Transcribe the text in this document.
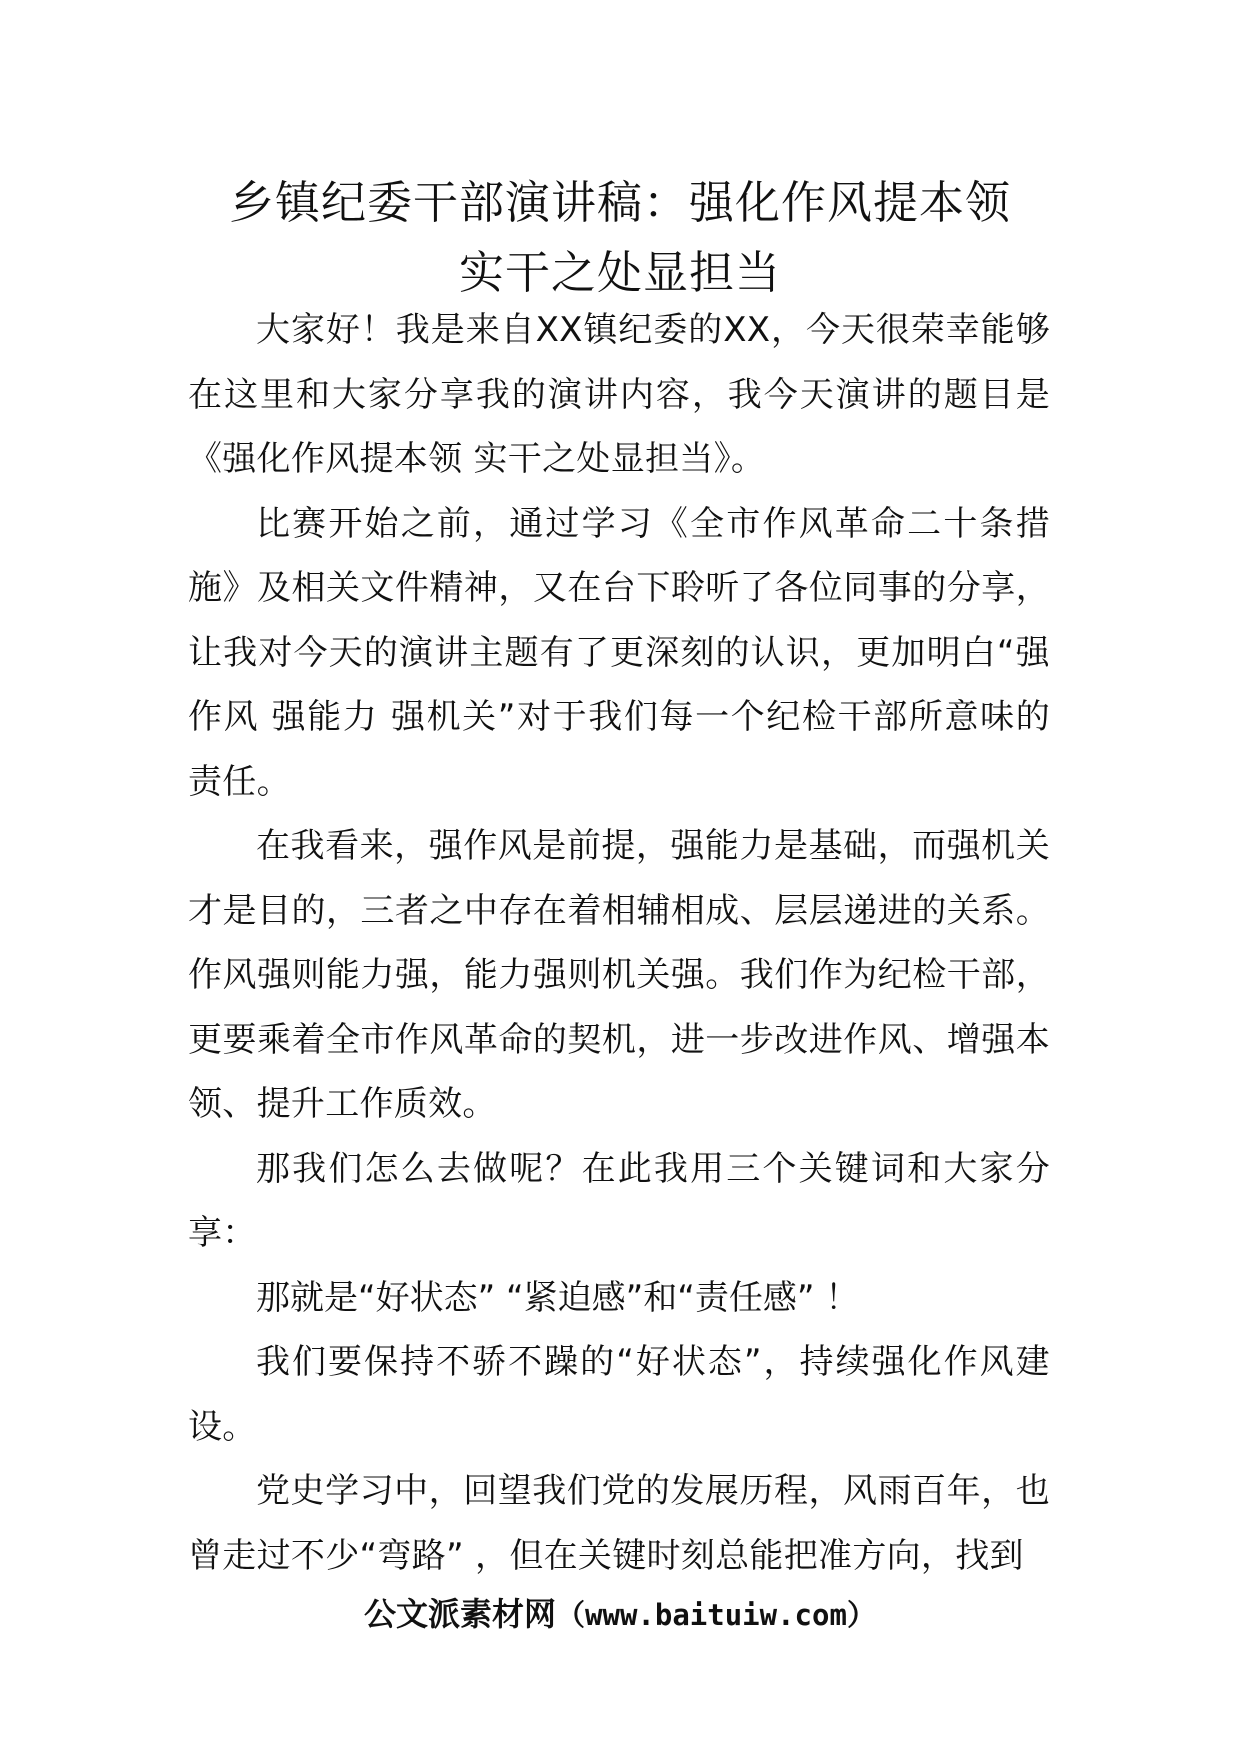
乡镇纪委干部演讲稿：强化作风提本领
实干之处显担当

大家好！我是来自XX镇纪委的XX，今天很荣幸能够在这里和大家分享我的演讲内容，我今天演讲的题目是《强化作风提本领 实干之处显担当》。

比赛开始之前，通过学习《全市作风革命二十条措施》及相关文件精神，又在台下聆听了各位同事的分享，让我对今天的演讲主题有了更深刻的认识，更加明白“强作风 强能力 强机关”对于我们每一个纪检干部所意味的责任。

在我看来，强作风是前提，强能力是基础，而强机关才是目的，三者之中存在着相辅相成、层层递进的关系。作风强则能力强，能力强则机关强。我们作为纪检干部，更要乘着全市作风革命的契机，进一步改进作风、增强本领、提升工作质效。

那我们怎么去做呢？在此我用三个关键词和大家分享：

那就是“好状态” “紧迫感”和“责任感” ！

我们要保持不骄不躁的“好状态”，持续强化作风建设。

党史学习中，回望我们党的发展历程，风雨百年，也曾走过不少“弯路” ，但在关键时刻总能把准方向，找到

公文派素材网（www.baituiw.com）
